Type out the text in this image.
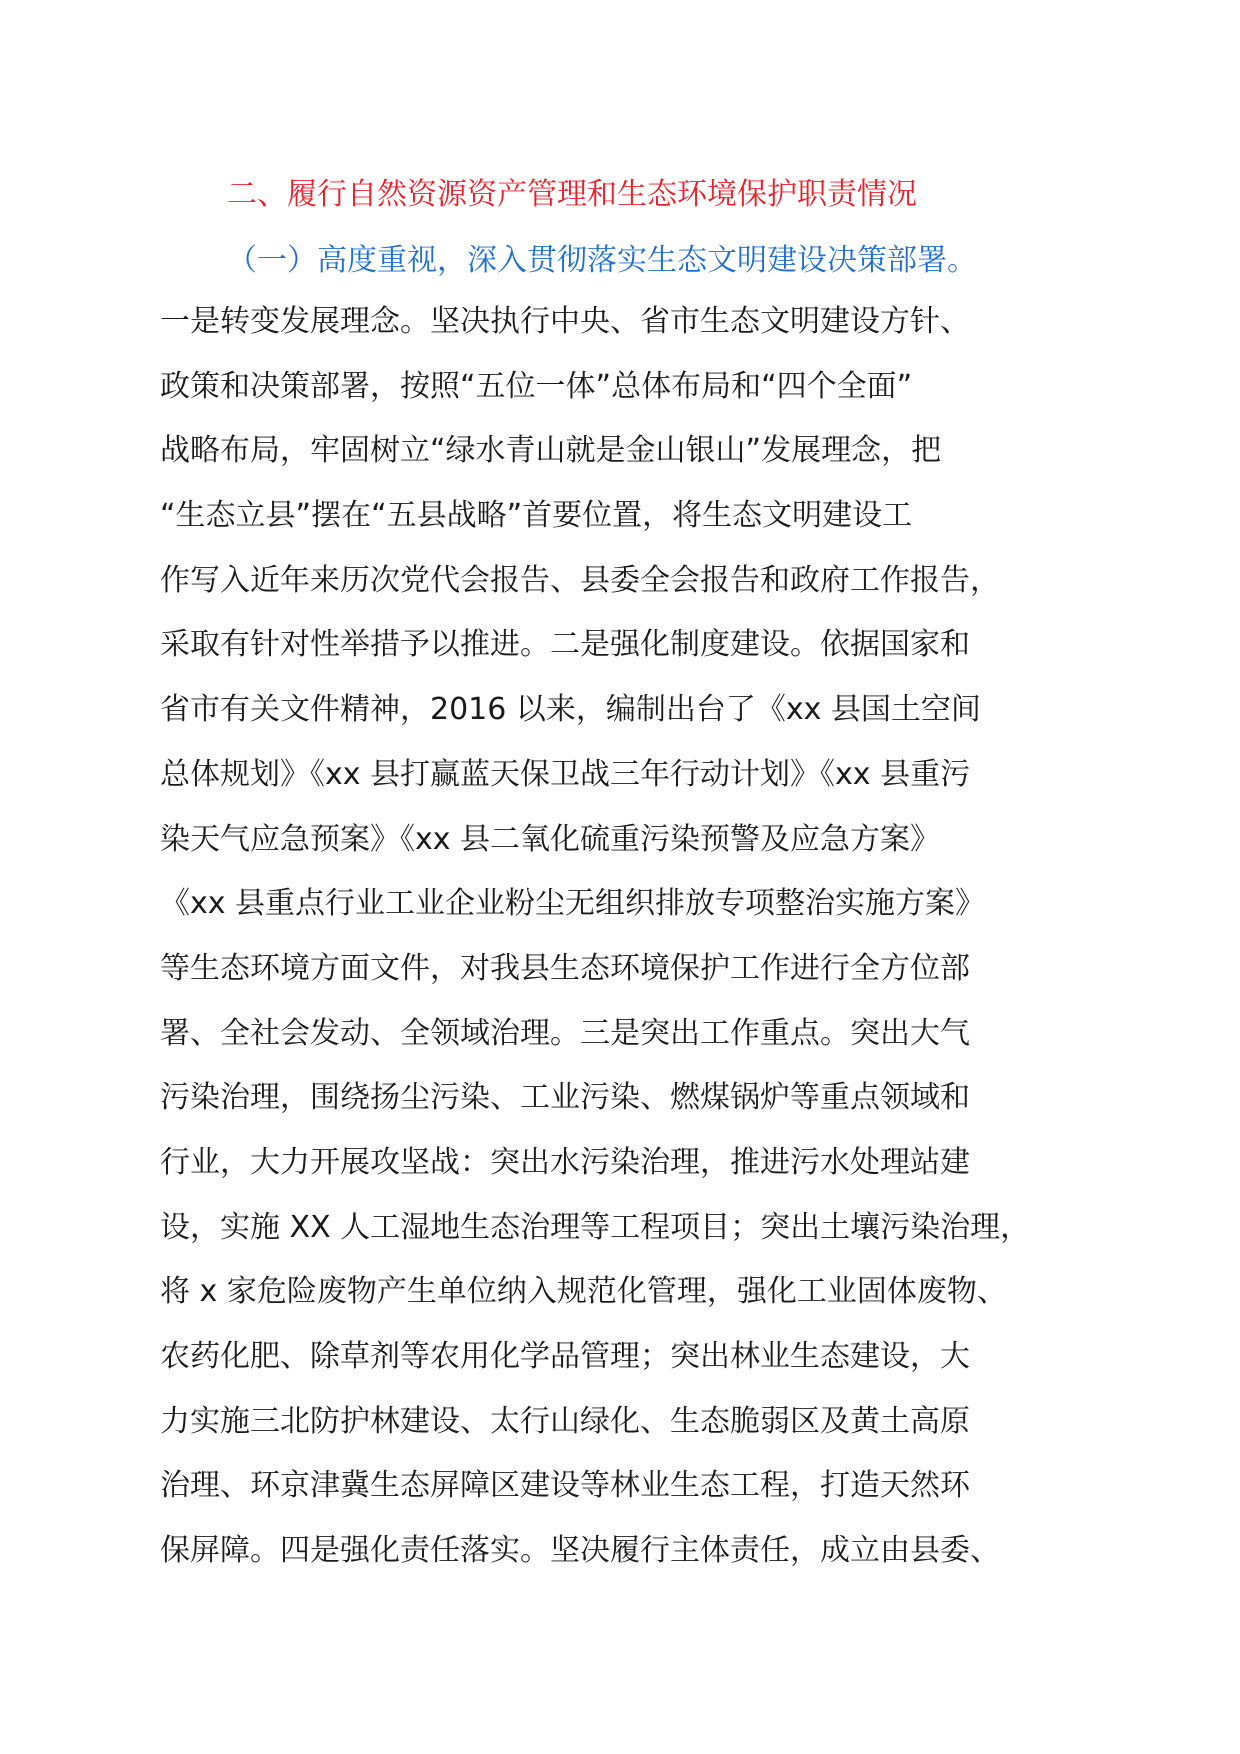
二、履行自然资源资产管理和生态环境保护职责情况
（一）高度重视，深入贯彻落实生态文明建设决策部署。
一是转变发展理念。坚决执行中央、省市生态文明建设方针、
政策和决策部署，按照“五位一体”总体布局和“四个全面”
战略布局，牢固树立“绿水青山就是金山银山”发展理念，把
“生态立县”摆在“五县战略”首要位置，将生态文明建设工
作写入近年来历次党代会报告、县委全会报告和政府工作报告，
采取有针对性举措予以推进。二是强化制度建设。依据国家和
省市有关文件精神，2016 以来，编制出台了《xx 县国土空间
总体规划》《xx 县打赢蓝天保卫战三年行动计划》《xx 县重污
染天气应急预案》《xx 县二氧化硫重污染预警及应急方案》
《xx 县重点行业工业企业粉尘无组织排放专项整治实施方案》
等生态环境方面文件，对我县生态环境保护工作进行全方位部
署、全社会发动、全领域治理。三是突出工作重点。突出大气
污染治理，围绕扬尘污染、工业污染、燃煤锅炉等重点领域和
行业，大力开展攻坚战：突出水污染治理，推进污水处理站建
设，实施 XX 人工湿地生态治理等工程项目；突出土壤污染治理，
将 x 家危险废物产生单位纳入规范化管理，强化工业固体废物、
农药化肥、除草剂等农用化学品管理；突出林业生态建设，大
力实施三北防护林建设、太行山绿化、生态脆弱区及黄土高原
治理、环京津冀生态屏障区建设等林业生态工程，打造天然环
保屏障。四是强化责任落实。坚决履行主体责任，成立由县委、
